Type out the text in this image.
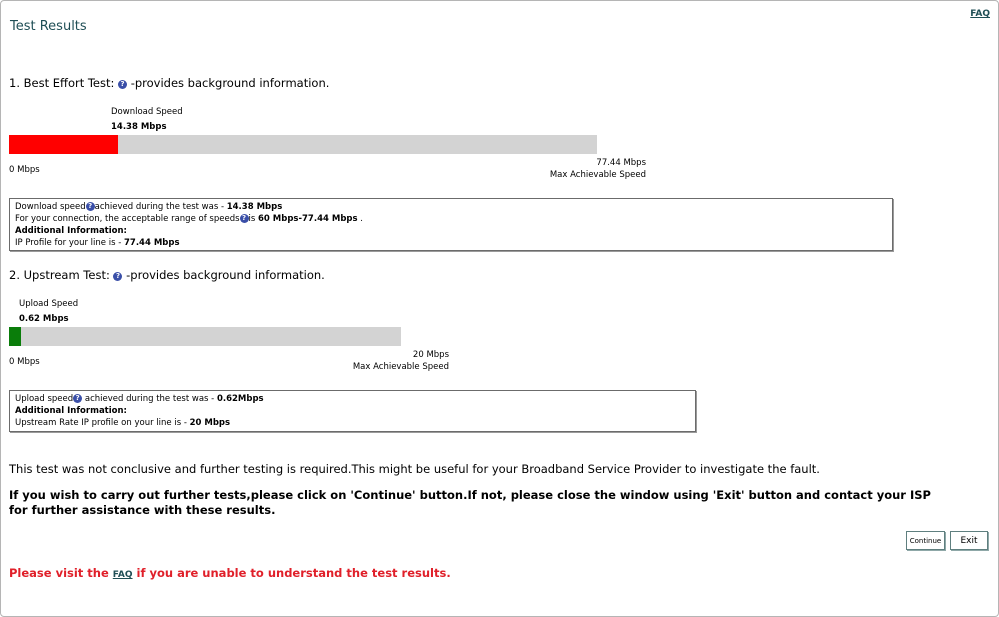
Test Results
FAQ
1. Best Effort Test: ? -provides background information.
Download Speed
14.38 Mbps
0 Mbps
77.44 Mbps
Max Achievable Speed
Download speed ? achieved during the test was - 14.38 Mbps
For your connection, the acceptable range of speeds ? is 60 Mbps-77.44 Mbps .
Additional Information:
IP Profile for your line is - 77.44 Mbps
2. Upstream Test: ? -provides background information.
Upload Speed
0.62 Mbps
0 Mbps
20 Mbps
Max Achievable Speed
Upload speed ? achieved during the test was - 0.62Mbps
Additional Information:
Upstream Rate IP profile on your line is - 20 Mbps
This test was not conclusive and further testing is required.This might be useful for your Broadband Service Provider to investigate the fault.
If you wish to carry out further tests,please click on 'Continue' button.If not, please close the window using 'Exit' button and contact your ISP for further assistance with these results.
Continue	Exit
Please visit the FAQ if you are unable to understand the test results.
